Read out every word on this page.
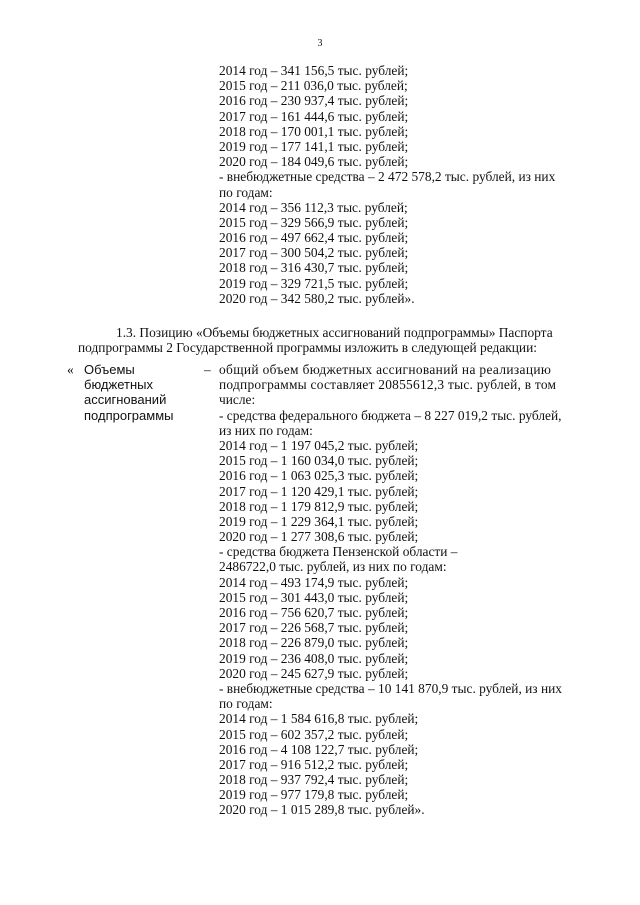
3
2014 год – 341 156,5 тыс. рублей;
2015 год – 211 036,0 тыс. рублей;
2016 год – 230 937,4 тыс. рублей;
2017 год – 161 444,6 тыс. рублей;
2018 год – 170 001,1 тыс. рублей;
2019 год – 177 141,1 тыс. рублей;
2020 год – 184 049,6 тыс. рублей;
- внебюджетные средства – 2 472 578,2 тыс. рублей, из них
по годам:
2014 год – 356 112,3 тыс. рублей;
2015 год – 329 566,9 тыс. рублей;
2016 год – 497 662,4 тыс. рублей;
2017 год – 300 504,2 тыс. рублей;
2018 год – 316 430,7 тыс. рублей;
2019 год – 329 721,5 тыс. рублей;
2020 год – 342 580,2 тыс. рублей».
1.3. Позицию «Объемы бюджетных ассигнований подпрограммы» Паспорта
подпрограммы 2 Государственной программы изложить в следующей редакции:
« Объемы
бюджетных
ассигнований
подпрограммы
– общий объем бюджетных ассигнований на реализацию
подпрограммы составляет 20855612,3 тыс. рублей, в том
числе:
- средства федерального бюджета – 8 227 019,2 тыс. рублей,
из них по годам:
2014 год – 1 197 045,2 тыс. рублей;
2015 год – 1 160 034,0 тыс. рублей;
2016 год – 1 063 025,3 тыс. рублей;
2017 год – 1 120 429,1 тыс. рублей;
2018 год – 1 179 812,9 тыс. рублей;
2019 год – 1 229 364,1 тыс. рублей;
2020 год – 1 277 308,6 тыс. рублей;
- средства бюджета Пензенской области –
2486722,0 тыс. рублей, из них по годам:
2014 год – 493 174,9 тыс. рублей;
2015 год – 301 443,0 тыс. рублей;
2016 год – 756 620,7 тыс. рублей;
2017 год – 226 568,7 тыс. рублей;
2018 год – 226 879,0 тыс. рублей;
2019 год – 236 408,0 тыс. рублей;
2020 год – 245 627,9 тыс. рублей;
- внебюджетные средства – 10 141 870,9 тыс. рублей, из них
по годам:
2014 год – 1 584 616,8 тыс. рублей;
2015 год – 602 357,2 тыс. рублей;
2016 год – 4 108 122,7 тыс. рублей;
2017 год – 916 512,2 тыс. рублей;
2018 год – 937 792,4 тыс. рублей;
2019 год – 977 179,8 тыс. рублей;
2020 год – 1 015 289,8 тыс. рублей».
